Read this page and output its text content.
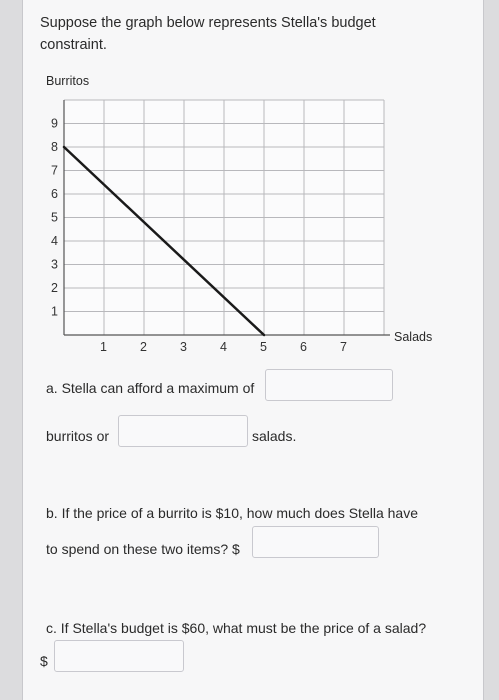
Suppose the graph below represents Stella's budget constraint.

Burritos
1	2	3	4	5	6	7
1
2
3
4
5
6
7
8
9
Salads
a. Stella can afford a maximum of
burritos or	salads.
b. If the price of a burrito is $10, how much does Stella have
to spend on these two items? $
c. If Stella's budget is $60, what must be the price of a salad?
$
